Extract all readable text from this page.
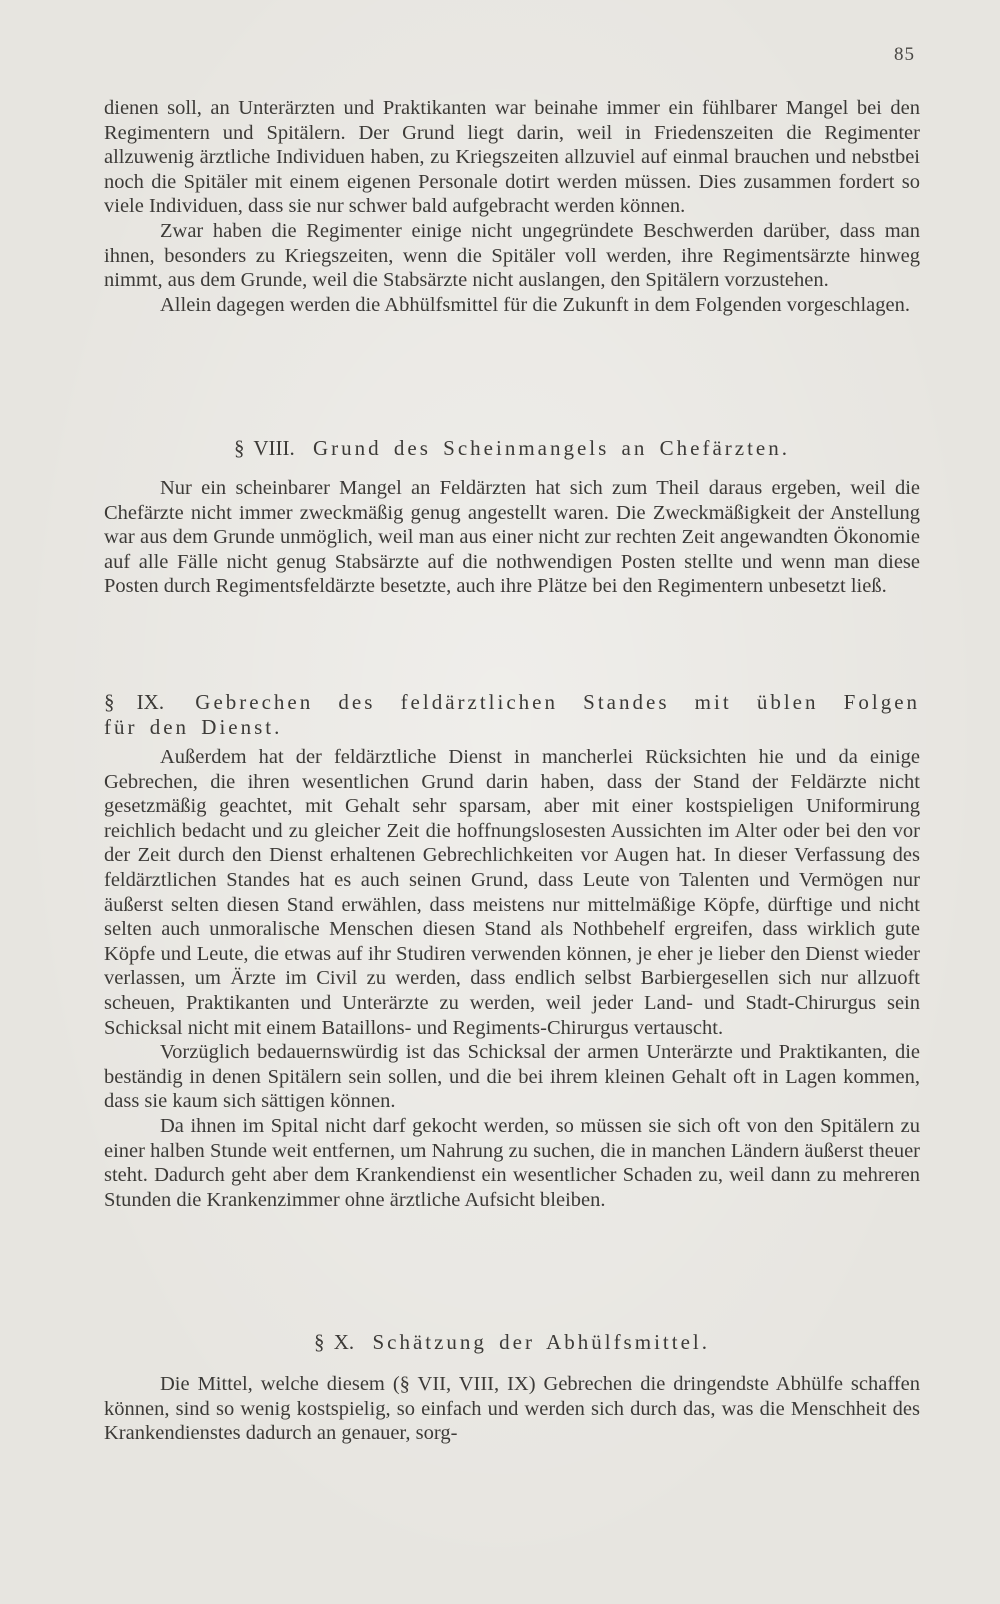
85

dienen soll, an Unterärzten und Praktikanten war beinahe immer ein fühlbarer Mangel bei den Regimentern und Spitälern. Der Grund liegt darin, weil in Friedenszeiten die Regimenter allzuwenig ärztliche Individuen haben, zu Kriegszeiten allzuviel auf einmal brauchen und nebstbei noch die Spitäler mit einem eigenen Personale dotirt werden müssen. Dies zusammen fordert so viele Individuen, dass sie nur schwer bald aufgebracht werden können.

Zwar haben die Regimenter einige nicht ungegründete Beschwerden darüber, dass man ihnen, besonders zu Kriegszeiten, wenn die Spitäler voll werden, ihre Regimentsärzte hinweg nimmt, aus dem Grunde, weil die Stabsärzte nicht auslangen, den Spitälern vorzustehen.

Allein dagegen werden die Abhülfsmittel für die Zukunft in dem Folgenden vorgeschlagen.

§ VIII. Grund des Scheinmangels an Chefärzten.

Nur ein scheinbarer Mangel an Feldärzten hat sich zum Theil daraus ergeben, weil die Chefärzte nicht immer zweckmäßig genug angestellt waren. Die Zweckmäßigkeit der Anstellung war aus dem Grunde unmöglich, weil man aus einer nicht zur rechten Zeit angewandten Ökonomie auf alle Fälle nicht genug Stabsärzte auf die nothwendigen Posten stellte und wenn man diese Posten durch Regimentsfeldärzte besetzte, auch ihre Plätze bei den Regimentern unbesetzt ließ.

§ IX. Gebrechen des feldärztlichen Standes mit üblen Folgen
für den Dienst.

Außerdem hat der feldärztliche Dienst in mancherlei Rücksichten hie und da einige Gebrechen, die ihren wesentlichen Grund darin haben, dass der Stand der Feldärzte nicht gesetzmäßig geachtet, mit Gehalt sehr sparsam, aber mit einer kostspieligen Uniformirung reichlich bedacht und zu gleicher Zeit die hoffnungslosesten Aussichten im Alter oder bei den vor der Zeit durch den Dienst erhaltenen Gebrechlichkeiten vor Augen hat. In dieser Verfassung des feldärztlichen Standes hat es auch seinen Grund, dass Leute von Talenten und Vermögen nur äußerst selten diesen Stand erwählen, dass meistens nur mittelmäßige Köpfe, dürftige und nicht selten auch unmoralische Menschen diesen Stand als Nothbehelf ergreifen, dass wirklich gute Köpfe und Leute, die etwas auf ihr Studiren verwenden können, je eher je lieber den Dienst wieder verlassen, um Ärzte im Civil zu werden, dass endlich selbst Barbiergesellen sich nur allzuoft scheuen, Praktikanten und Unterärzte zu werden, weil jeder Land- und Stadt-Chirurgus sein Schicksal nicht mit einem Bataillons- und Regiments-Chirurgus vertauscht.

Vorzüglich bedauernswürdig ist das Schicksal der armen Unterärzte und Praktikanten, die beständig in denen Spitälern sein sollen, und die bei ihrem kleinen Gehalt oft in Lagen kommen, dass sie kaum sich sättigen können.

Da ihnen im Spital nicht darf gekocht werden, so müssen sie sich oft von den Spitälern zu einer halben Stunde weit entfernen, um Nahrung zu suchen, die in manchen Ländern äußerst theuer steht. Dadurch geht aber dem Krankendienst ein wesentlicher Schaden zu, weil dann zu mehreren Stunden die Krankenzimmer ohne ärztliche Aufsicht bleiben.

§ X. Schätzung der Abhülfsmittel.

Die Mittel, welche diesem (§ VII, VIII, IX) Gebrechen die dringendste Abhülfe schaffen können, sind so wenig kostspielig, so einfach und werden sich durch das, was die Menschheit des Krankendienstes dadurch an genauer, sorg-
